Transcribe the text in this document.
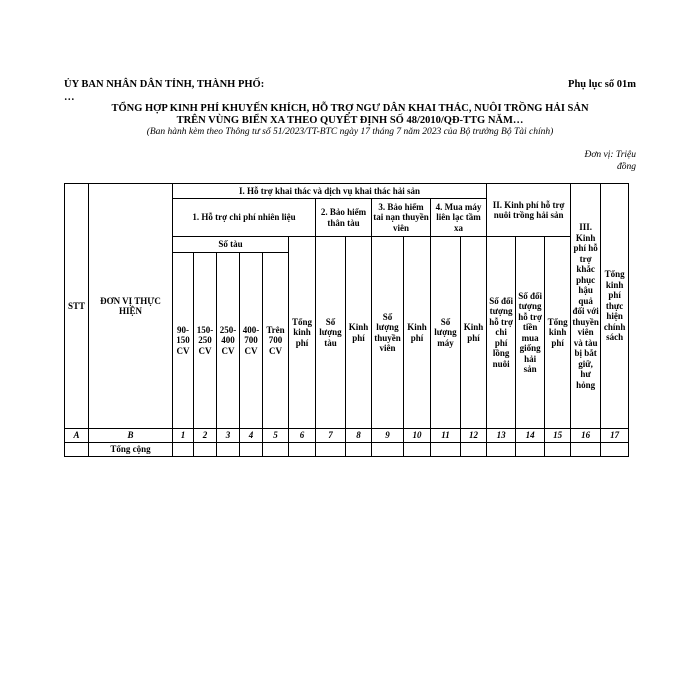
ỦY BAN NHÂN DÂN TỈNH, THÀNH PHỐ:
…
Phụ lục số 01m
TỔNG HỢP KINH PHÍ KHUYẾN KHÍCH, HỖ TRỢ NGƯ DÂN KHAI THÁC, NUÔI TRỒNG HẢI SẢN
TRÊN VÙNG BIỂN XA THEO QUYẾT ĐỊNH SỐ 48/2010/QĐ-TTG NĂM…
(Ban hành kèm theo Thông tư số 51/2023/TT-BTC ngày 17 tháng 7 năm 2023 của Bộ trưởng Bộ Tài chính)
Đơn vị: Triệu đồng
STT	ĐƠN VỊ THỰC HIỆN	I. Hỗ trợ khai thác và dịch vụ khai thác hải sản												II. Kinh phí hỗ trợ nuôi trồng hải sản			III. Kinh phí hỗ trợ khắc phục hậu quả đối với thuyền viên và tàu bị bắt giữ, hư hỏng	Tổng kinh phí thực hiện chính sách
		1. Hỗ trợ chi phí nhiên liệu						2. Bảo hiểm thân tàu		3. Bảo hiểm tai nạn thuyền viên		4. Mua máy liên lạc tầm xa						
		Số tàu					Tổng kinh phí	Số lượng tàu	Kinh phí	Số lượng thuyền viên	Kinh phí	Số lượng máy	Kinh phí	Số đối tượng hỗ trợ chi phí lồng nuôi	Số đối tượng hỗ trợ tiền mua giống hải sản	Tổng kinh phí		
		90-150 CV	150-250 CV	250-400 CV	400-700 CV	Trên 700 CV												
A	B	1	2	3	4	5	6	7	8	9	10	11	12	13	14	15	16	17
	Tổng cộng																	
